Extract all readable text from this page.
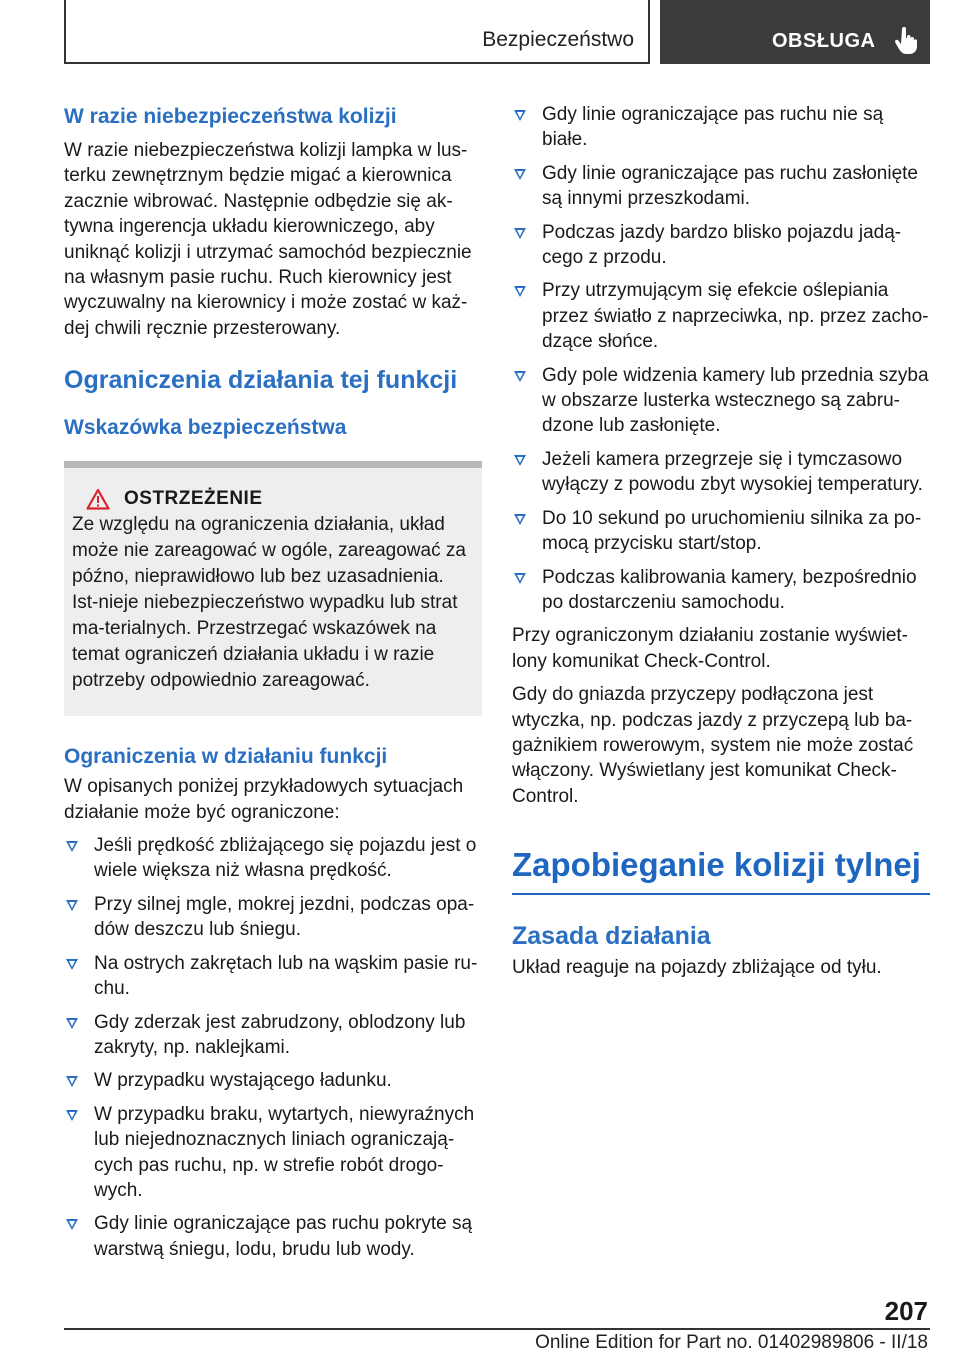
Bezpieczeństwo	OBSŁUGA
W razie niebezpieczeństwa kolizji

W razie niebezpieczeństwa kolizji lampka w lus‐terku zewnętrznym będzie migać a kierownica zacznie wibrować. Następnie odbędzie się ak‐tywna ingerencja układu kierowniczego, aby uniknąć kolizji i utrzymać samochód bezpiecznie na własnym pasie ruchu. Ruch kierownicy jest wyczuwalny na kierownicy i może zostać w każ‐dej chwili ręcznie przesterowany.

Ograniczenia działania tej funkcji
Wskazówka bezpieczeństwa
OSTRZEŻENIE

Ze względu na ograniczenia działania, układ może nie zareagować w ogóle, zareagować za późno, nieprawidłowo lub bez uzasadnienia. Ist‐nieje niebezpieczeństwo wypadku lub strat ma‐terialnych. Przestrzegać wskazówek na temat ograniczeń działania układu i w razie potrzeby odpowiednio zareagować.

Ograniczenia w działaniu funkcji

W opisanych poniżej przykładowych sytuacjach działanie może być ograniczone:

Jeśli prędkość zbliżającego się pojazdu jest o wiele większa niż własna prędkość.
Przy silnej mgle, mokrej jezdni, podczas opa‐dów deszczu lub śniegu.
Na ostrych zakrętach lub na wąskim pasie ru‐chu.
Gdy zderzak jest zabrudzony, oblodzony lub zakryty, np. naklejkami.
W przypadku wystającego ładunku.
W przypadku braku, wytartych, niewyraźnych lub niejednoznacznych liniach ograniczają‐cych pas ruchu, np. w strefie robót drogo‐wych.
Gdy linie ograniczające pas ruchu pokryte są warstwą śniegu, lodu, brudu lub wody.
Gdy linie ograniczające pas ruchu nie są białe.
Gdy linie ograniczające pas ruchu zasłonięte są innymi przeszkodami.
Podczas jazdy bardzo blisko pojazdu jadą‐cego z przodu.
Przy utrzymującym się efekcie oślepiania przez światło z naprzeciwka, np. przez zacho‐dzące słońce.
Gdy pole widzenia kamery lub przednia szyba w obszarze lusterka wstecznego są zabru‐dzone lub zasłonięte.
Jeżeli kamera przegrzeje się i tymczasowo wyłączy z powodu zbyt wysokiej temperatury.
Do 10 sekund po uruchomieniu silnika za po‐mocą przycisku start/stop.
Podczas kalibrowania kamery, bezpośrednio po dostarczeniu samochodu.

Przy ograniczonym działaniu zostanie wyświet‐lony komunikat Check-Control.

Gdy do gniazda przyczepy podłączona jest wtyczka, np. podczas jazdy z przyczepą lub ba‐gażnikiem rowerowym, system nie może zostać włączony. Wyświetlany jest komunikat Check-Control.

Zapobieganie kolizji tylnej
Zasada działania

Układ reaguje na pojazdy zbliżające od tyłu.

207
Online Edition for Part no. 01402989806 - II/18
